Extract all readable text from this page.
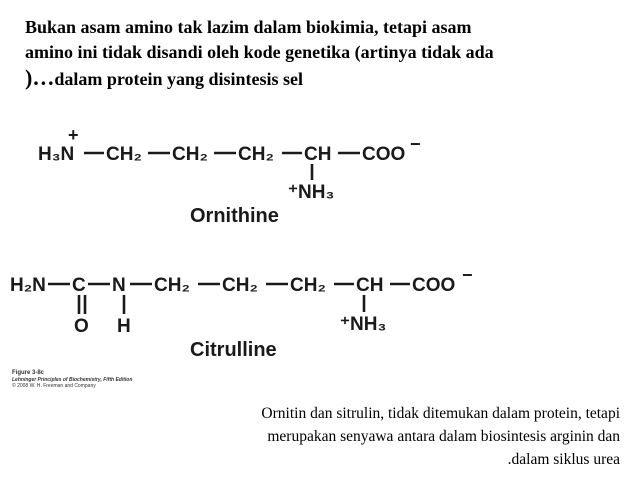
Bukan asam amino tak lazim dalam biokimia, tetapi asam
amino ini tidak disandi oleh kode genetika (artinya tidak ada
)…dalam protein yang disintesis sel
+
H₃N CH₂ CH₂ CH₂ CH COO −
⁺NH₃
Ornithine
H₂N C N CH₂ CH₂ CH₂ CH COO −
O H	⁺NH₃
Citrulline
Figure 3-8c
Lehninger Principles of Biochemistry, Fifth Edition
© 2008 W. H. Freeman and Company
Ornitin dan sitrulin, tidak ditemukan dalam protein, tetapi
merupakan senyawa antara dalam biosintesis arginin dan
.dalam siklus urea
